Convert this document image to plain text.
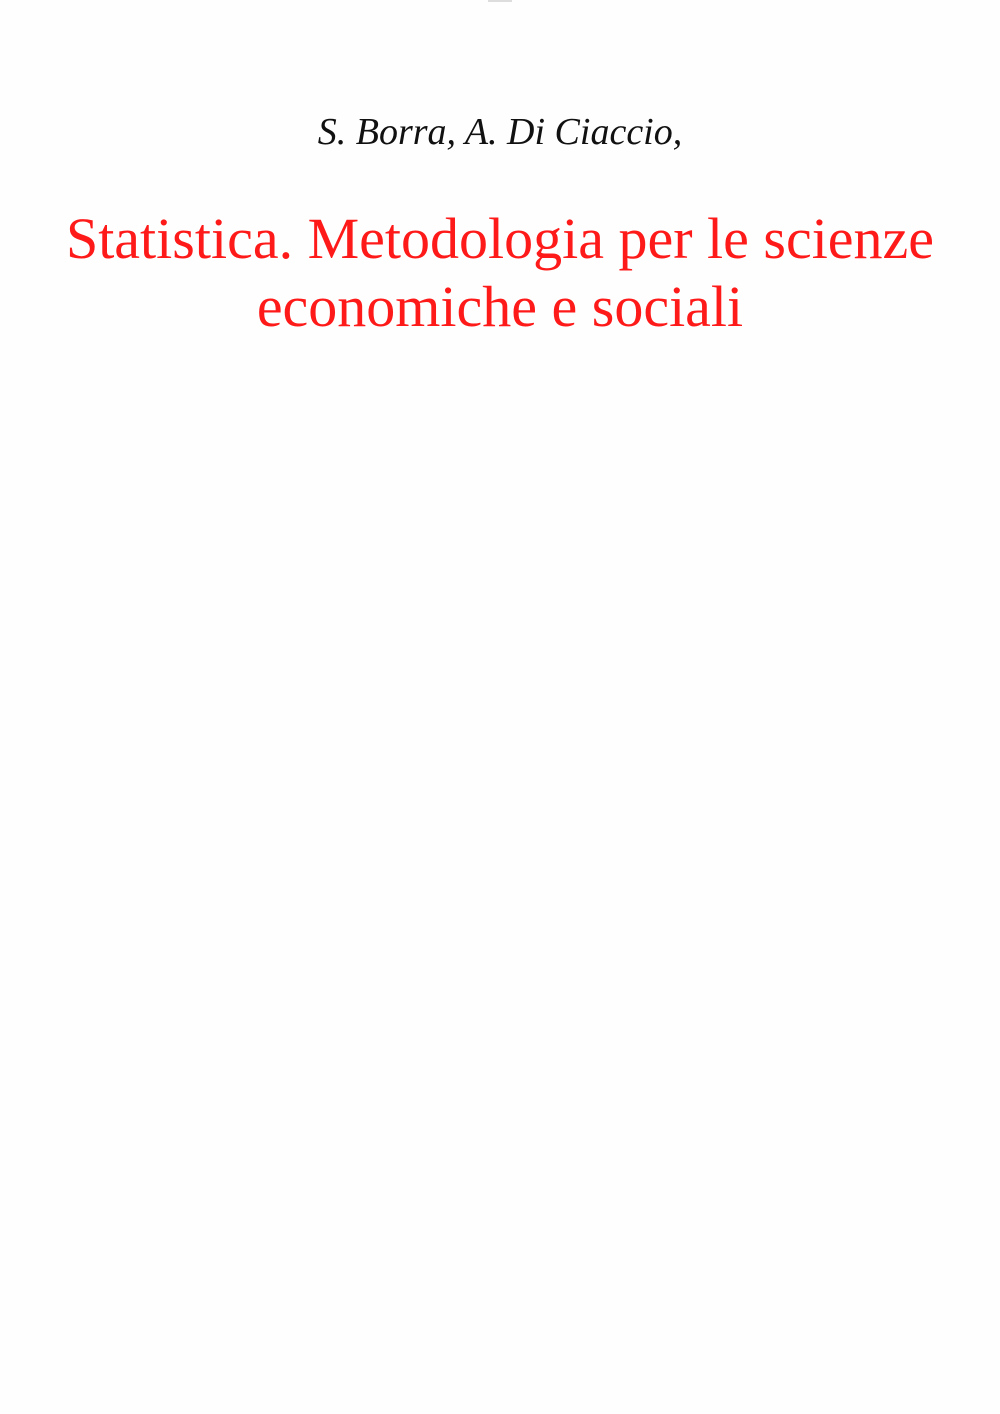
S. Borra, A. Di Ciaccio,

Statistica. Metodologia per le scienze
economiche e sociali
